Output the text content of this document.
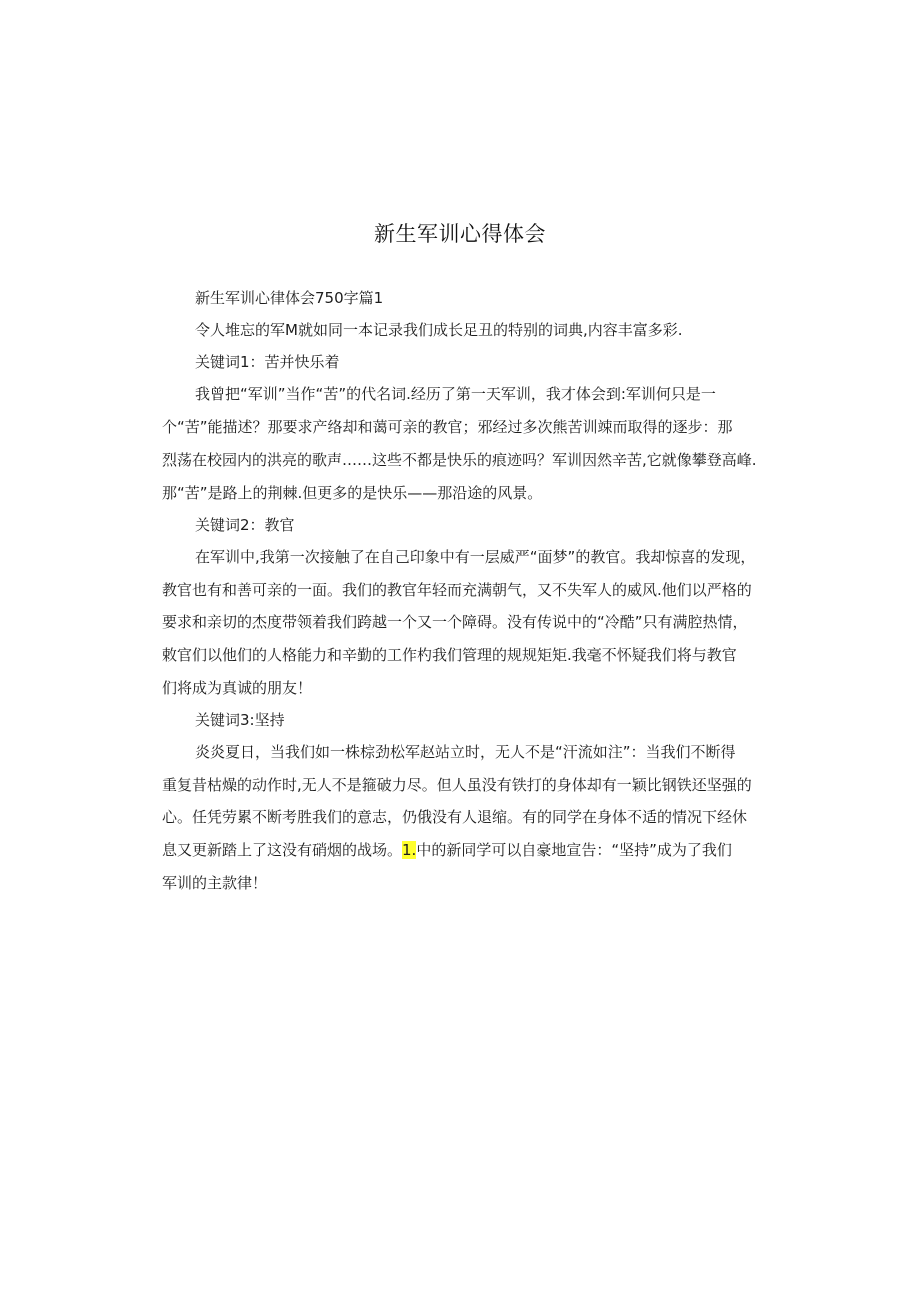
新生军训心得体会
新生军训心律体会750字篇1
令人堆忘的军M就如同一本记录我们成长足丑的特别的词典,内容丰富多彩.
关键词1：苦并快乐着
我曾把“军训”当作“苦”的代名词.经历了第一天军训，我才体会到:军训何只是一
个“苦”能描述？那要求产络却和蔼可亲的教官；邪经过多次熊苦训竦而取得的逐步：那
烈荡在校园内的洪亮的歌声……这些不都是快乐的痕迹吗？军训因然辛苦,它就像攀登高峰.
那“苦”是路上的荆棘.但更多的是快乐——那沿途的风景。
关键词2：教官
在军训中,我第一次接触了在自己印象中有一层威严“面梦”的教官。我却惊喜的发现，
教官也有和善可亲的一面。我们的教官年轻而充满朝气，又不失军人的威风.他们以严格的
要求和亲切的杰度带领着我们跨越一个又一个障碍。没有传说中的“冷酷”只有满腔热情，
敕官们以他们的人格能力和辛勤的工作杓我们管理的规规矩矩.我毫不怀疑我们将与教官
们将成为真诚的朋友！
关键词3:坚持
炎炎夏日，当我们如一株棕劲松军赵站立时，无人不是“汗流如注”：当我们不断得
重复昔枯燥的动作时,无人不是箍破力尽。但人虽没有铁打的身体却有一颖比钢铁还坚强的
心。任凭劳累不断考胜我们的意志，仍俄没有人退缩。有的同学在身体不适的情况下经休
息又更新踏上了这没有硝烟的战场。1.中的新同学可以自豪地宣告：“坚持”成为了我们
军训的主款律！
